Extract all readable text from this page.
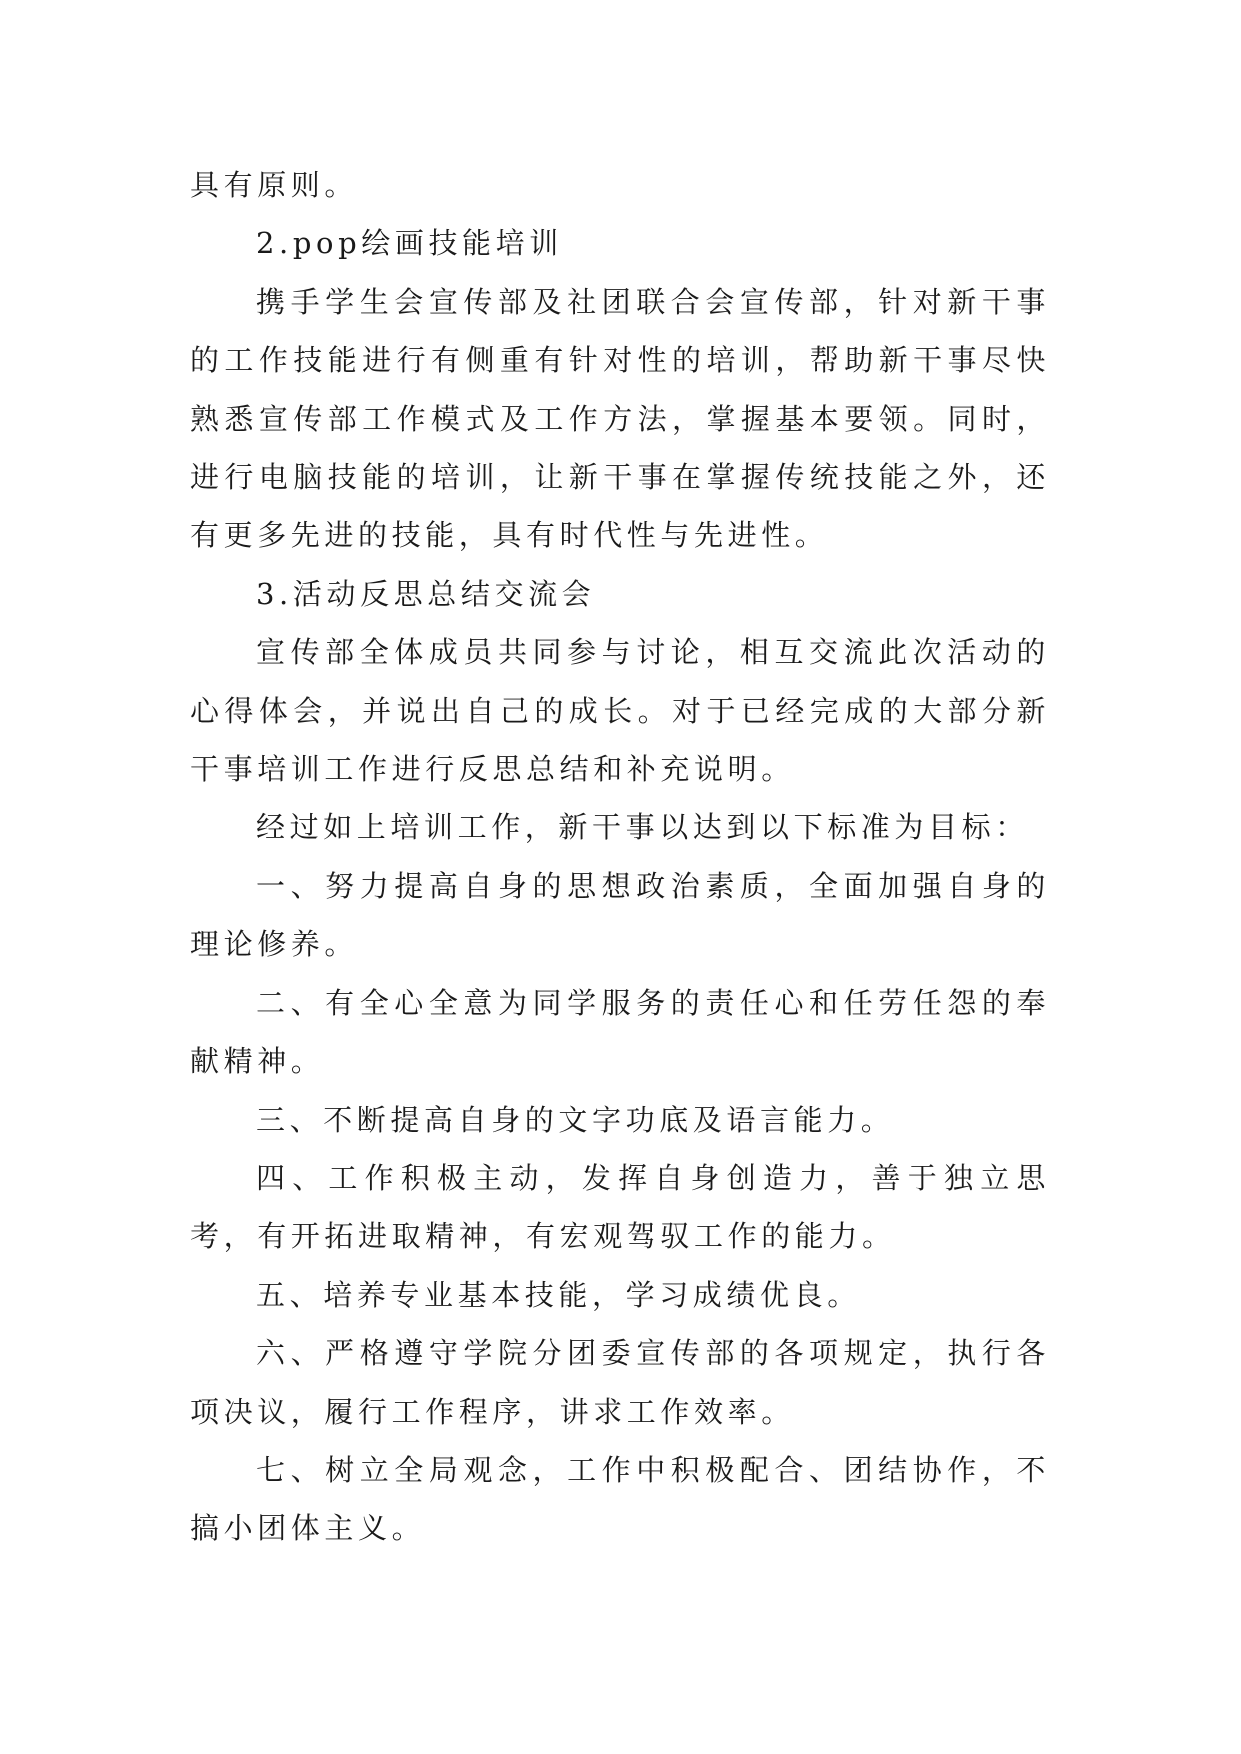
具有原则。

2.pop绘画技能培训

携手学生会宣传部及社团联合会宣传部，针对新干事的工作技能进行有侧重有针对性的培训，帮助新干事尽快熟悉宣传部工作模式及工作方法，掌握基本要领。同时，进行电脑技能的培训，让新干事在掌握传统技能之外，还有更多先进的技能，具有时代性与先进性。

3.活动反思总结交流会

宣传部全体成员共同参与讨论，相互交流此次活动的心得体会，并说出自己的成长。对于已经完成的大部分新干事培训工作进行反思总结和补充说明。

经过如上培训工作，新干事以达到以下标准为目标：

一、努力提高自身的思想政治素质，全面加强自身的理论修养。

二、有全心全意为同学服务的责任心和任劳任怨的奉献精神。

三、不断提高自身的文字功底及语言能力。

四、工作积极主动，发挥自身创造力，善于独立思考，有开拓进取精神，有宏观驾驭工作的能力。

五、培养专业基本技能，学习成绩优良。

六、严格遵守学院分团委宣传部的各项规定，执行各项决议，履行工作程序，讲求工作效率。

七、树立全局观念，工作中积极配合、团结协作，不搞小团体主义。
